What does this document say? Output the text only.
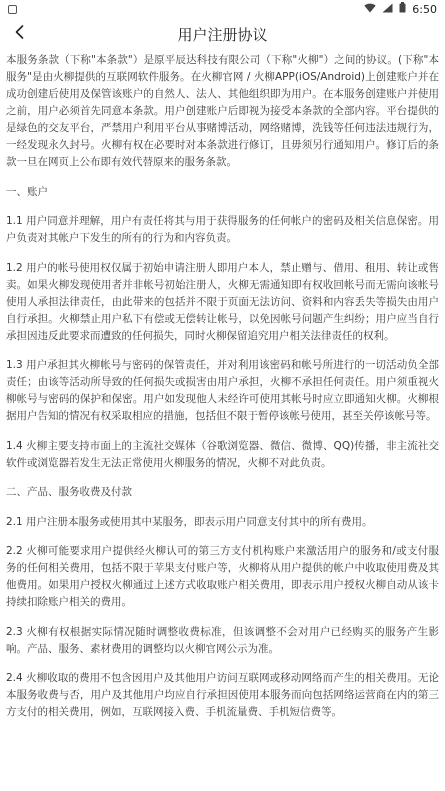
6:50
用户注册协议

本服务条款（下称"本条款"）是原平辰达科技有限公司（下称"火柳"）之间的协议。(下称"本服务"是由火柳提供的互联网软件服务。在火柳官网 / 火柳APP(iOS/Android)上创建账户并在成功创建后使用及保管该账户的自然人、法人、其他组织即为用户。在本服务创建账户并使用之前，用户必须首先同意本条款。用户创建账户后即视为接受本条款的全部内容。平台提供的是绿色的交友平台，严禁用户利用平台从事赌博活动，网络赌博，洗钱等任何违法违规行为，一经发现永久封号。火柳有权在必要时对本条款进行修订，且毋须另行通知用户。修订后的条款一旦在网页上公布即有效代替原来的服务条款。

一、账户

1.1 用户同意并理解，用户有责任将其与用于获得服务的任何帐户的密码及相关信息保密。用户负责对其帐户下发生的所有的行为和内容负责。

1.2 用户的帐号使用权仅属于初始申请注册人即用户本人，禁止赠与、借用、租用、转让或售卖。如果火柳发现使用者并非帐号初始注册人，火柳无需通知即有权收回帐号而无需向该帐号使用人承担法律责任，由此带来的包括并不限于页面无法访问、资料和内容丢失等损失由用户自行承担。火柳禁止用户私下有偿或无偿转让帐号，以免因帐号问题产生纠纷；用户应当自行承担因违反此要求而遭致的任何损失，同时火柳保留追究用户相关法律责任的权利。

1.3 用户承担其火柳帐号与密码的保管责任，并对利用该密码和帐号所进行的一切活动负全部责任；由该等活动所导致的任何损失或损害由用户承担，火柳不承担任何责任。用户须重视火柳帐号与密码的保护和保密。用户如发现他人未经许可使用其帐号时应立即通知火柳。火柳根据用户告知的情况有权采取相应的措施，包括但不限于暂停该帐号使用，甚至关停该帐号等。

1.4 火柳主要支持市面上的主流社交媒体（谷歌浏览器、微信、微博、QQ)传播，非主流社交软件或浏览器若发生无法正常使用火柳服务的情况，火柳不对此负责。

二、产品、服务收费及付款

2.1 用户注册本服务或使用其中某服务，即表示用户同意支付其中的所有费用。

2.2 火柳可能要求用户提供经火柳认可的第三方支付机构账户来激活用户的服务和/或支付服务的任何相关费用，包括不限于苹果支付账户等，火柳将从用户提供的帐户中收取使用费及其他费用。如果用户授权火柳通过上述方式收取账户相关费用，即表示用户授权火柳自动从该卡持续扣除账户相关的费用。

2.3 火柳有权根据实际情况随时调整收费标准，但该调整不会对用户已经购买的服务产生影响。产品、服务、素材费用的调整均以火柳官网公示为准。

2.4 火柳收取的费用不包含因用户及其他用户访问互联网或移动网络而产生的相关费用。无论本服务收费与否，用户及其他用户均应自行承担因使用本服务而向包括网络运营商在内的第三方支付的相关费用，例如，互联网接入费、手机流量费、手机短信费等。
